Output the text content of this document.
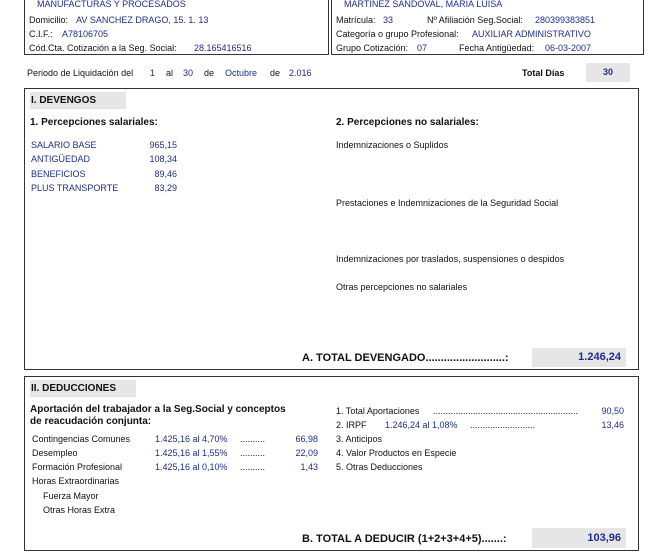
MANUFACTURAS Y PROCESADOS
Domicilio: AV SANCHEZ DRAGO, 15. 1. 13
C.I.F.: A78106705
Cód.Cta. Cotización a la Seg. Social: 28.165416516
MARTINEZ SANDOVAL, MARIA LUISA
Matrícula: 33	Nº Afiliación Seg.Social: 280399383851
Categoría o grupo Profesional: AUXILIAR ADMINISTRATIVO
Grupo Cotización: 07	Fecha Antigüedad: 06-03-2007
Periodo de Liquidación del 1 al 30 de Octubre de 2.016	Total Días	30
I. DEVENGOS
1. Percepciones salariales:	2. Percepciones no salariales:
SALARIO BASE	965,15
ANTIGÜEDAD	108,34
BENEFICIOS	89,46
PLUS TRANSPORTE	83,29
Indemnizaciones o Suplidos
Prestaciones e Indemnizaciones de la Seguridad Social
Indemnizaciones por traslados, suspensiones o despidos
Otras percepciones no salariales
A. TOTAL DEVENGADO..........................:	1.246,24
II. DEDUCCIONES
Aportación del trabajador a la Seg.Social y conceptos
de reacudación conjunta:
Contingencias Comunes	1.425,16 al 4,70% ..........	66,98
Desempleo	1.425,16 al 1,55% ..........	22,09
Formación Profesional	1.425,16 al 0,10% ..........	1,43
Horas Extraordinarias
Fuerza Mayor
Otras Horas Extra
1. Total Aportaciones ..........................................................	90,50
2. IRPF 1.246,24 al 1,08% ..........................	13,46
3. Anticipos
4. Valor Productos en Especie
5. Otras Deducciones
B. TOTAL A DEDUCIR (1+2+3+4+5).......:	103,96
